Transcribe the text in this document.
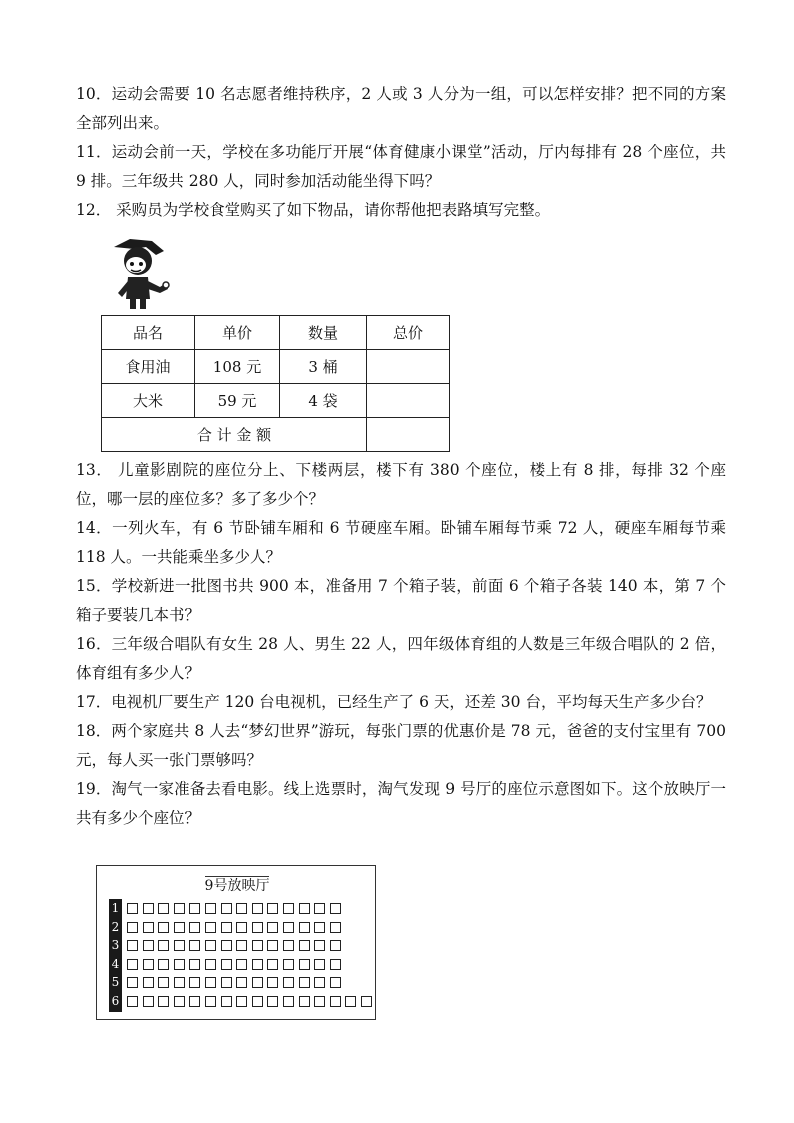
10．运动会需要 10 名志愿者维持秩序，2 人或 3 人分为一组，可以怎样安排？把不同的方案全部列出来。

11．运动会前一天，学校在多功能厅开展“体育健康小课堂”活动，厅内每排有 28 个座位，共 9 排。三年级共 280 人，同时参加活动能坐得下吗？

12． 采购员为学校食堂购买了如下物品，请你帮他把表路填写完整。

品名	单价	数量	总价
食用油	108 元	3 桶	
大米	59 元	4 袋	
合 计 金 额			

13． 儿童影剧院的座位分上、下楼两层，楼下有 380 个座位，楼上有 8 排，每排 32 个座位，哪一层的座位多？多了多少个？

14．一列火车，有 6 节卧铺车厢和 6 节硬座车厢。卧铺车厢每节乘 72 人，硬座车厢每节乘 118 人。一共能乘坐多少人？

15．学校新进一批图书共 900 本，准备用 7 个箱子装，前面 6 个箱子各装 140 本，第 7 个箱子要装几本书？

16．三年级合唱队有女生 28 人、男生 22 人，四年级体育组的人数是三年级合唱队的 2 倍，体育组有多少人？

17．电视机厂要生产 120 台电视机，已经生产了 6 天，还差 30 台，平均每天生产多少台？

18．两个家庭共 8 人去“梦幻世界”游玩，每张门票的优惠价是 78 元，爸爸的支付宝里有 700 元，每人买一张门票够吗？

19．淘气一家准备去看电影。线上选票时，淘气发现 9 号厅的座位示意图如下。这个放映厅一共有多少个座位？

9号放映厅
1
2
3
4
5
6
